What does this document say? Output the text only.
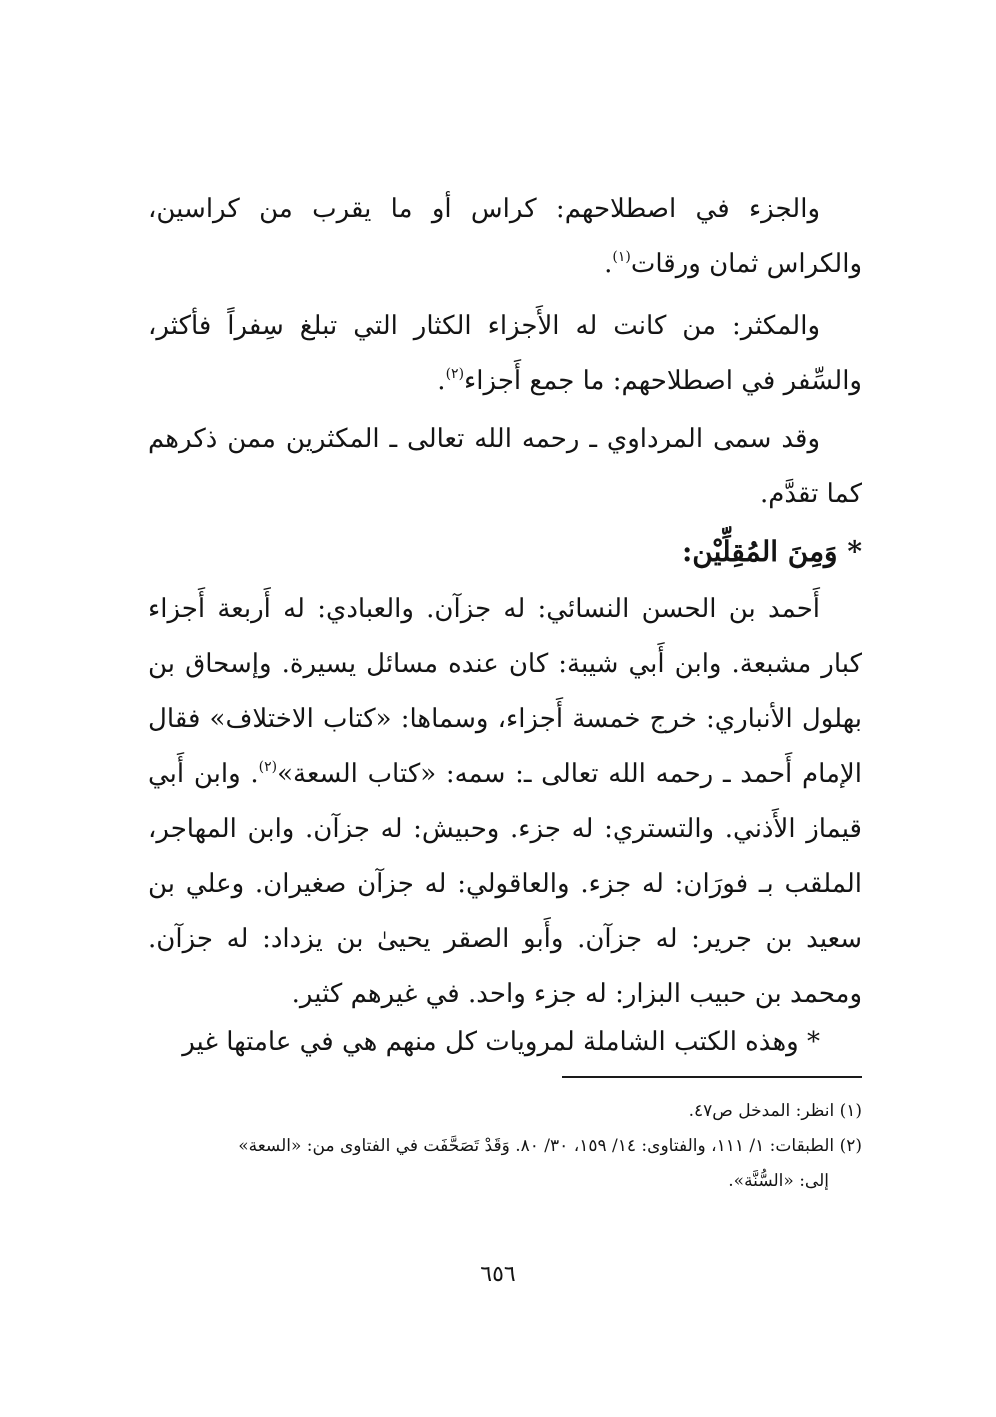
والجزء في اصطلاحهم: كراس أو ما يقرب من كراسين، والكراس ثمان ورقات$^{(١)}$.

والمكثر: من كانت له الأَجزاء الكثار التي تبلغ سِفراً فأكثر، والسِّفر في اصطلاحهم: ما جمع أَجزاء$^{(٢)}$.

وقد سمى المرداوي ـ رحمه الله تعالى ـ المكثرين ممن ذكرهم كما تقدَّم.

* وَمِنَ المُقِلِّيْن:

أَحمد بن الحسن النسائي: له جزآن. والعبادي: له أَربعة أَجزاء كبار مشبعة. وابن أَبي شيبة: كان عنده مسائل يسيرة. وإسحاق بن بهلول الأنباري: خرج خمسة أَجزاء، وسماها: «كتاب الاختلاف» فقال الإمام أَحمد ـ رحمه الله تعالى ـ: سمه: «كتاب السعة»$^{(٢)}$. وابن أَبي قيماز الأَذني. والتستري: له جزء. وحبيش: له جزآن. وابن المهاجر، الملقب بـ فورَان: له جزء. والعاقولي: له جزآن صغيران. وعلي بن سعيد بن جرير: له جزآن. وأَبو الصقر يحيىٰ بن يزداد: له جزآن. ومحمد بن حبيب البزار: له جزء واحد. في غيرهم كثير.

* وهذه الكتب الشاملة لمرويات كل منهم هي في عامتها غير

(١) انظر: المدخل ص٤٧.

(٢) الطبقات: ١/ ١١١، والفتاوى: ١٤/ ١٥٩، ٣٠/ ٨٠. وَقَدْ تَصَحَّفَت في الفتاوى من: «السعة»
إلى: «السُّنَّة».

٦٥٦
